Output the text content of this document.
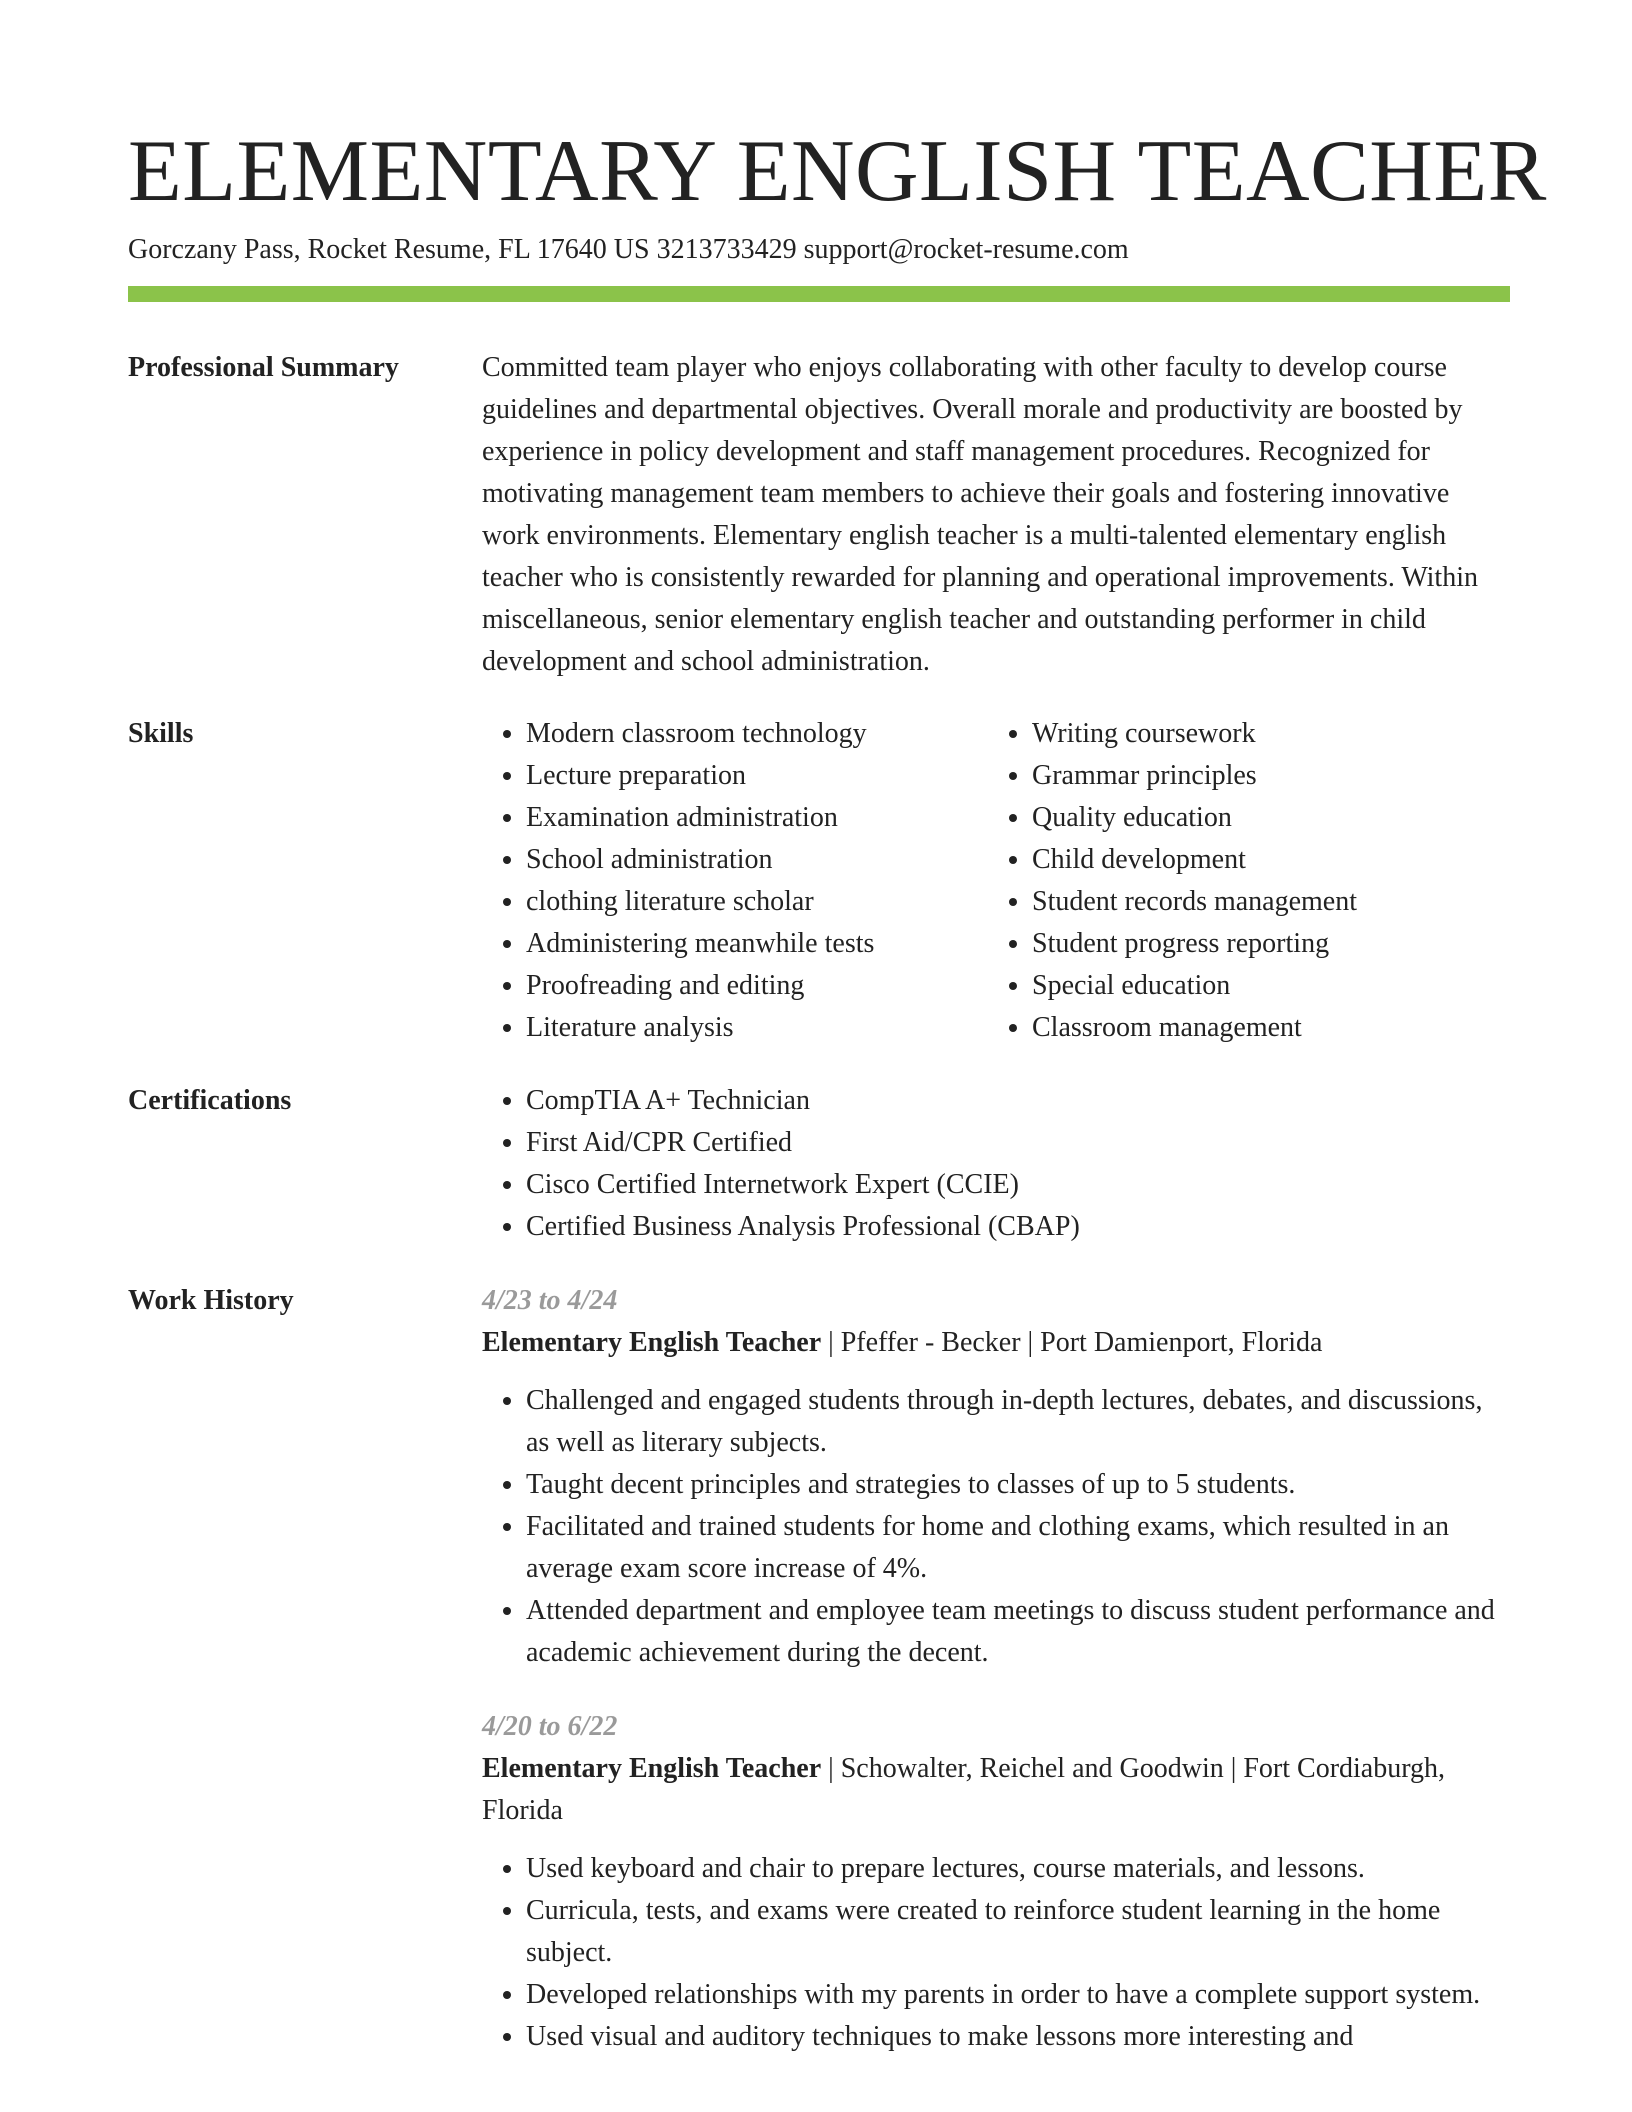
ELEMENTARY ENGLISH TEACHER
Gorczany Pass, Rocket Resume, FL 17640 US 3213733429 support@rocket-resume.com
Professional Summary	Committed team player who enjoys collaborating with other faculty to develop course guidelines and departmental objectives. Overall morale and productivity are boosted by experience in policy development and staff management procedures. Recognized for motivating management team members to achieve their goals and fostering innovative work environments. Elementary english teacher is a multi-talented elementary english teacher who is consistently rewarded for planning and operational improvements. Within miscellaneous, senior elementary english teacher and outstanding performer in child development and school administration.

Skills	• Modern classroom technology
• Lecture preparation
• Examination administration
• School administration
• clothing literature scholar
• Administering meanwhile tests
• Proofreading and editing
• Literature analysis
• Writing coursework
• Grammar principles
• Quality education
• Child development
• Student records management
• Student progress reporting
• Special education
• Classroom management
Certifications	• CompTIA A+ Technician
• First Aid/CPR Certified
• Cisco Certified Internetwork Expert (CCIE)
• Certified Business Analysis Professional (CBAP)
Work History	4/23 to 4/24
Elementary English Teacher | Pfeffer - Becker | Port Damienport, Florida
• Challenged and engaged students through in-depth lectures, debates, and discussions, as well as literary subjects.
• Taught decent principles and strategies to classes of up to 5 students.
• Facilitated and trained students for home and clothing exams, which resulted in an average exam score increase of 4%.
• Attended department and employee team meetings to discuss student performance and academic achievement during the decent.
4/20 to 6/22
Elementary English Teacher | Schowalter, Reichel and Goodwin | Fort Cordiaburgh, Florida
• Used keyboard and chair to prepare lectures, course materials, and lessons.
• Curricula, tests, and exams were created to reinforce student learning in the home subject.
• Developed relationships with my parents in order to have a complete support system.
• Used visual and auditory techniques to make lessons more interesting and
